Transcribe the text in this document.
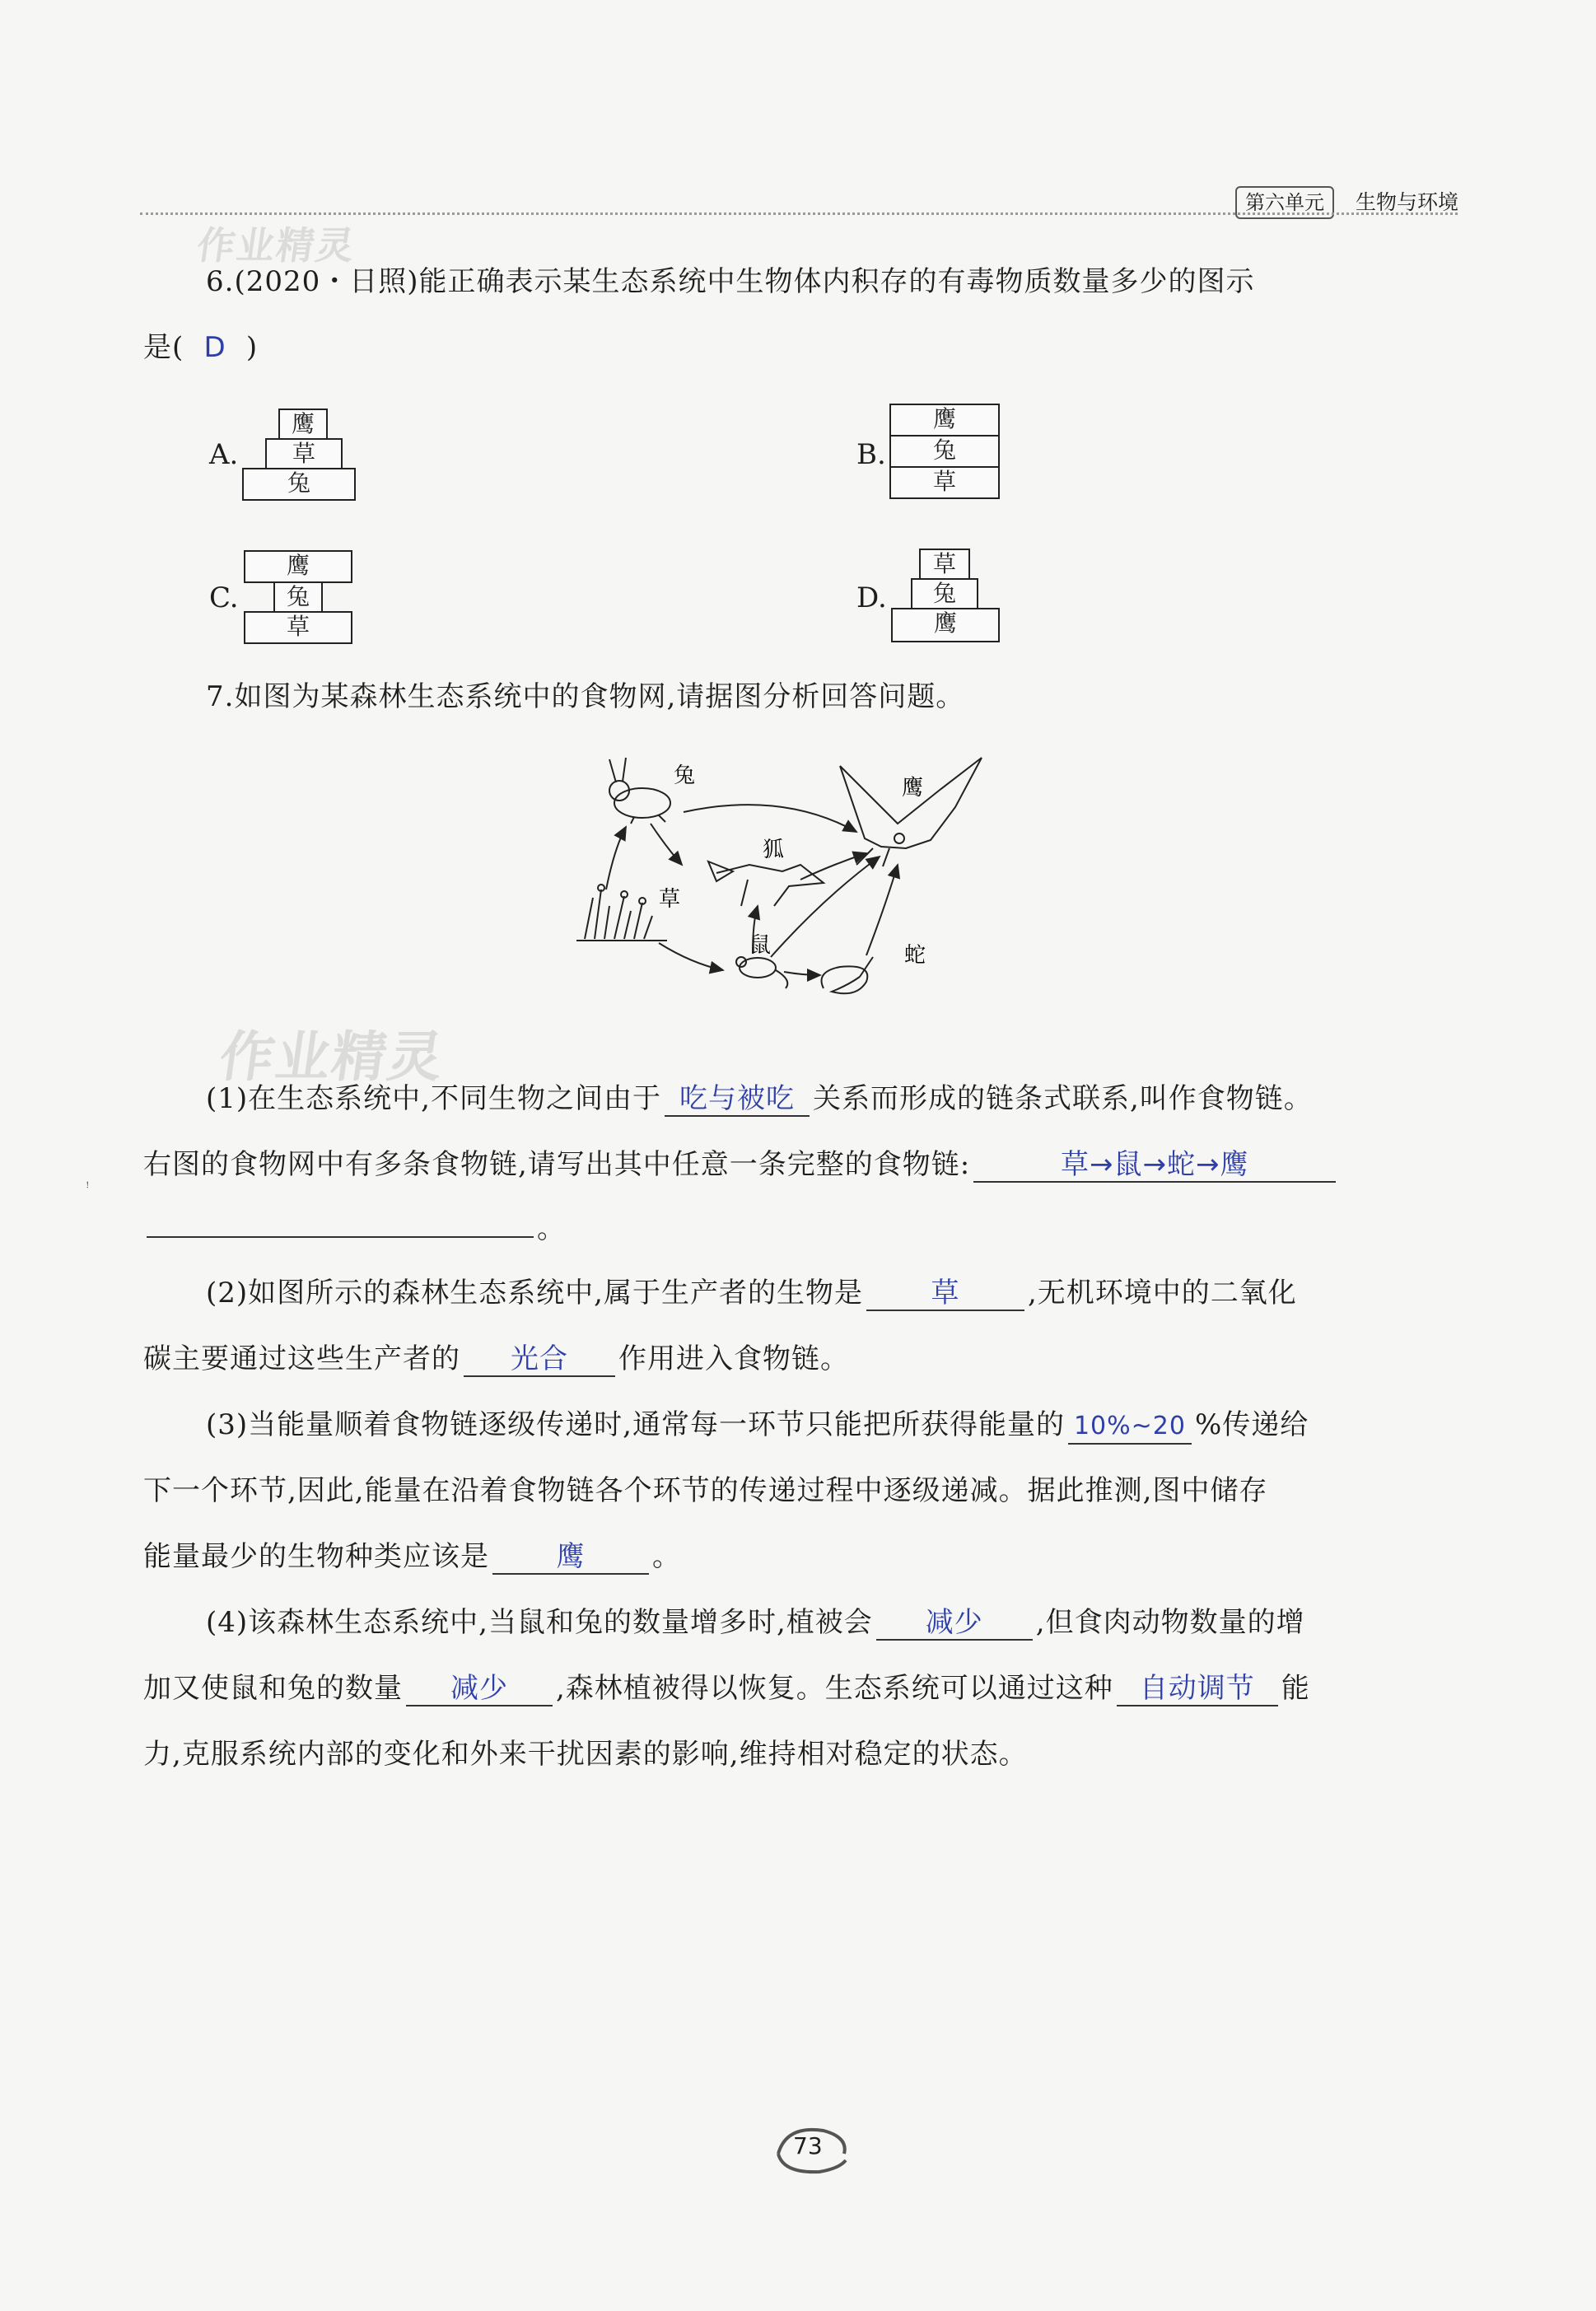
第六单元	生物与环境
作业精灵
6.(2020・日照)能正确表示某生态系统中生物体内积存的有毒物质数量多少的图示
是( D )
A.
鹰
草
兔
B.
鹰
兔
草
C.
鹰
兔
草
D.
草
兔
鹰
7.如图为某森林生态系统中的食物网,请据图分析回答问题。
兔	鹰
狐
草
鼠	蛇
作业精灵
(1)在生态系统中,不同生物之间由于 吃与被吃 关系而形成的链条式联系,叫作食物链。
右图的食物网中有多条食物链,请写出其中任意一条完整的食物链:	草→鼠→蛇→鹰
。
ꜝ
(2)如图所示的森林生态系统中,属于生产者的生物是 草 ,无机环境中的二氧化
碳主要通过这些生产者的 光合 作用进入食物链。
(3)当能量顺着食物链逐级传递时,通常每一环节只能把所获得能量的 10%~20 %传递给
下一个环节,因此,能量在沿着食物链各个环节的传递过程中逐级递减。据此推测,图中储存
能量最少的生物种类应该是 鹰 。
(4)该森林生态系统中,当鼠和兔的数量增多时,植被会 减少 ,但食肉动物数量的增
加又使鼠和兔的数量 减少 ,森林植被得以恢复。生态系统可以通过这种 自动调节 能
力,克服系统内部的变化和外来干扰因素的影响,维持相对稳定的状态。
73
